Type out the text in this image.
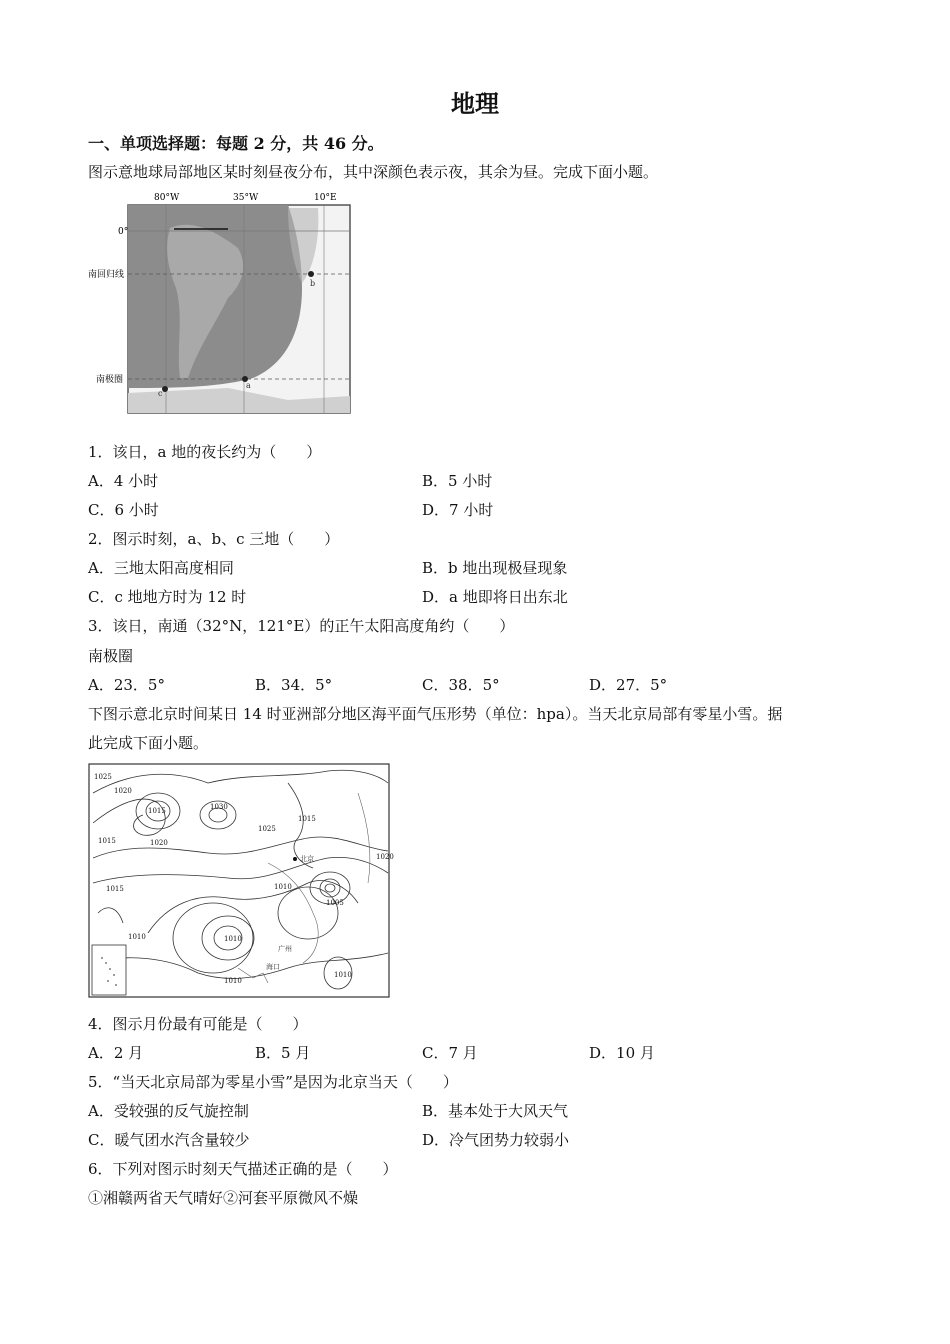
地理
一、单项选择题：每题 2 分，共 46 分。
图示意地球局部地区某时刻昼夜分布，其中深颜色表示夜，其余为昼。完成下面小题。
b
a
c
80°W	35°W	10°E
0°
南回归线
南极圈
1．该日，a 地的夜长约为（　　）
A．4 小时	B．5 小时
C．6 小时	D．7 小时
2．图示时刻，a、b、c 三地（　　）
A．三地太阳高度相同	B．b 地出现极昼现象
C．c 地地方时为 12 时	D．a 地即将日出东北
3．该日，南通（32°N，121°E）的正午太阳高度角约（　　）
南极圈
A．23．5°	B．34．5°	C．38．5°	D．27．5°
下图示意北京时间某日 14 时亚洲部分地区海平面气压形势（单位：hpa）。当天北京局部有零星小雪。据
此完成下面小题。
1025
1020
1015	1030
1020
1025
1015
1020
1015
1010
1005
1010
1010
1010
1010
1015
广州
海口
北京
4．图示月份最有可能是（　　）
A．2 月	B．5 月	C．7 月	D．10 月
5．“当天北京局部为零星小雪”是因为北京当天（　　）
A．受较强的反气旋控制	B．基本处于大风天气
C．暖气团水汽含量较少	D．冷气团势力较弱小
6．下列对图示时刻天气描述正确的是（　　）
①湘赣两省天气晴好②河套平原微风不燥
